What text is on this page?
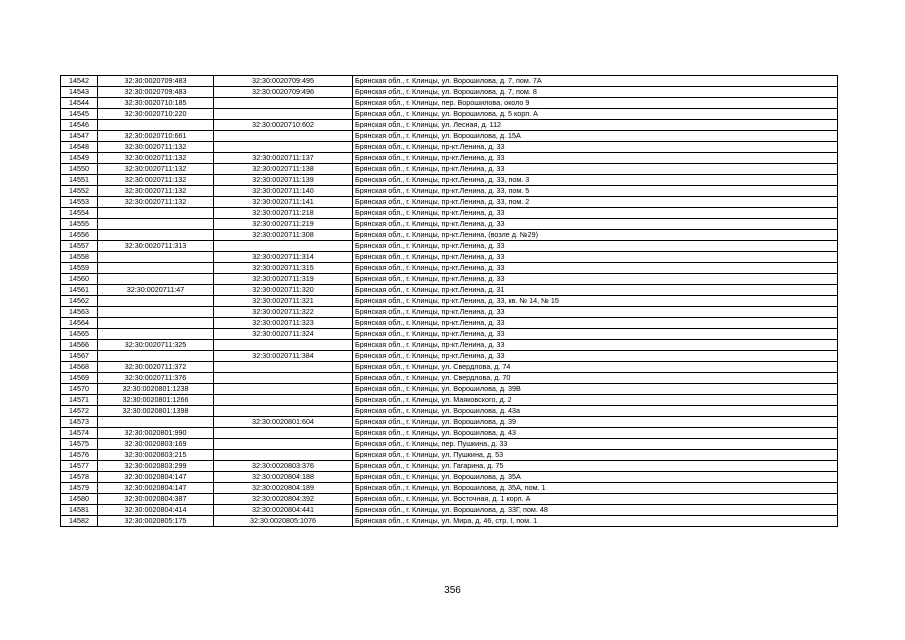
14542	32:30:0020709:483	32:30:0020709:495	Брянская обл., г. Клинцы, ул. Ворошилова, д. 7, пом. 7А
14543	32:30:0020709:483	32:30:0020709:496	Брянская обл., г. Клинцы, ул. Ворошилова, д. 7, пом. 8
14544	32:30:0020710:185		Брянская обл., г. Клинцы, пер. Ворошилова, около 9
14545	32:30:0020710:220		Брянская обл., г. Клинцы, ул. Ворошилова, д. 5 корп. А
14546		32:30:0020710:602	Брянская обл., г. Клинцы, ул. Лесная, д. 112
14547	32:30:0020710:661		Брянская обл., г. Клинцы, ул. Ворошилова, д. 15А
14548	32:30:0020711:132		Брянская обл., г. Клинцы, пр-кт.Ленина, д. 33
14549	32:30:0020711:132	32:30:0020711:137	Брянская обл., г. Клинцы, пр-кт.Ленина, д. 33
14550	32:30:0020711:132	32:30:0020711:138	Брянская обл., г. Клинцы, пр-кт.Ленина, д. 33
14551	32:30:0020711:132	32:30:0020711:139	Брянская обл., г. Клинцы, пр-кт.Ленина, д. 33, пом. 3
14552	32:30:0020711:132	32:30:0020711:140	Брянская обл., г. Клинцы, пр-кт.Ленина, д. 33, пом. 5
14553	32:30:0020711:132	32:30:0020711:141	Брянская обл., г. Клинцы, пр-кт.Ленина, д. 33, пом. 2
14554		32:30:0020711:218	Брянская обл., г. Клинцы, пр-кт.Ленина, д. 33
14555		32:30:0020711:219	Брянская обл., г. Клинцы, пр-кт.Ленина, д. 33
14556		32:30:0020711:308	Брянская обл., г. Клинцы, пр-кт.Ленина, (возле д. №29)
14557	32:30:0020711:313		Брянская обл., г. Клинцы, пр-кт.Ленина, д. 33
14558		32:30:0020711:314	Брянская обл., г. Клинцы, пр-кт.Ленина, д. 33
14559		32:30:0020711:315	Брянская обл., г. Клинцы, пр-кт.Ленина, д. 33
14560		32:30:0020711:319	Брянская обл., г. Клинцы, пр-кт.Ленина, д. 33
14561	32:30:0020711:47	32:30:0020711:320	Брянская обл., г. Клинцы, пр-кт.Ленина, д. 31
14562		32:30:0020711:321	Брянская обл., г. Клинцы, пр-кт.Ленина, д. 33, кв. № 14, № 15
14563		32:30:0020711:322	Брянская обл., г. Клинцы, пр-кт.Ленина, д. 33
14564		32:30:0020711:323	Брянская обл., г. Клинцы, пр-кт.Ленина, д. 33
14565		32:30:0020711:324	Брянская обл., г. Клинцы, пр-кт.Ленина, д. 33
14566	32:30:0020711:325		Брянская обл., г. Клинцы, пр-кт.Ленина, д. 33
14567		32:30:0020711:384	Брянская обл., г. Клинцы, пр-кт.Ленина, д. 33
14568	32:30:0020711:372		Брянская обл., г. Клинцы, ул. Свердлова, д. 74
14569	32:30:0020711:376		Брянская обл., г. Клинцы, ул. Свердлова, д. 70
14570	32:30:0020801:1238		Брянская обл., г. Клинцы, ул. Ворошилова, д. 39В
14571	32:30:0020801:1266		Брянская обл., г. Клинцы, ул. Маяковского, д. 2
14572	32:30:0020801:1398		Брянская обл., г. Клинцы, ул. Ворошилова, д. 43а
14573		32:30:0020801:604	Брянская обл., г. Клинцы, ул. Ворошилова, д. 39
14574	32:30:0020801:990		Брянская обл., г. Клинцы, ул. Ворошилова, д. 43
14575	32:30:0020803:169		Брянская обл., г. Клинцы, пер. Пушкина, д. 33
14576	32:30:0020803:215		Брянская обл., г. Клинцы, ул. Пушкина, д. 53
14577	32:30:0020803:299	32:30:0020803:376	Брянская обл., г. Клинцы, ул. Гагарина, д. 75
14578	32:30:0020804:147	32:30:0020804:188	Брянская обл., г. Клинцы, ул. Ворошилова, д. 35А
14579	32:30:0020804:147	32:30:0020804:189	Брянская обл., г. Клинцы, ул. Ворошилова, д. 35А, пом. 1
14580	32:30:0020804:387	32:30:0020804:392	Брянская обл., г. Клинцы, ул. Восточная, д. 1 корп. А
14581	32:30:0020804:414	32:30:0020804:441	Брянская обл., г. Клинцы, ул. Ворошилова, д. 33Г, пом. 48
14582	32:30:0020805:175	32:30:0020805:1076	Брянская обл., г. Клинцы, ул. Мира, д. 46, стр. I, пом. 1
356
